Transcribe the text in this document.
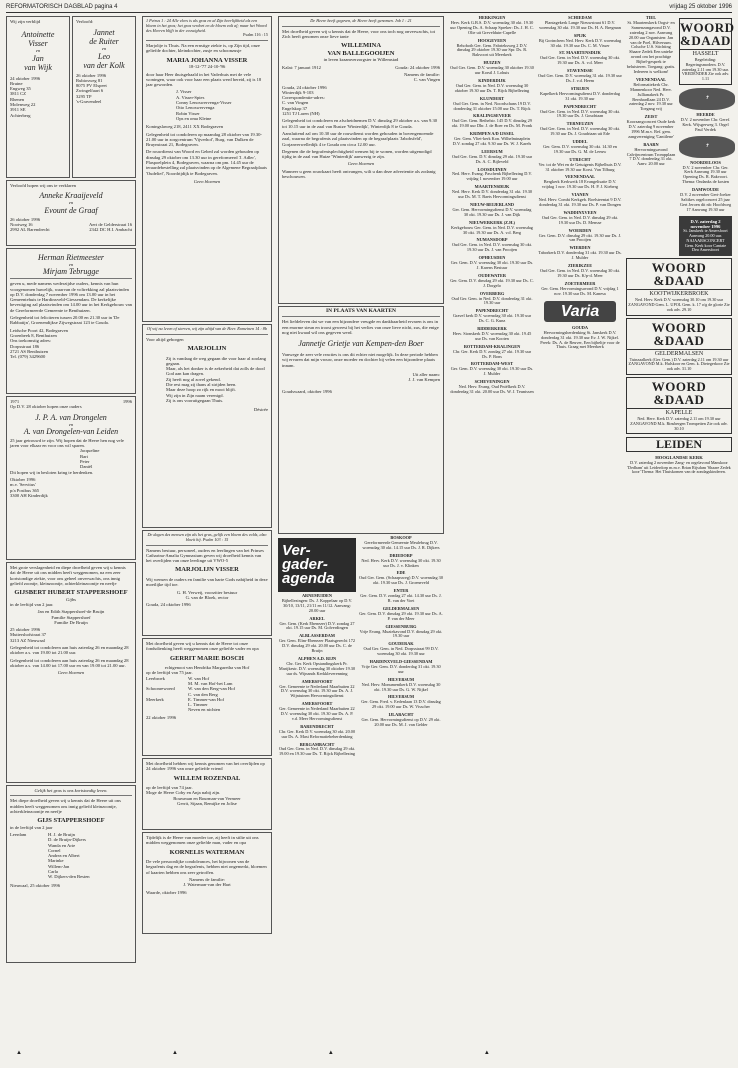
REFORMATORISCH DAGBLAD pagina 4	vrijdag 25 oktober 1996
Wij zijn verblijd
Antoinette
Visser
en
Jan
van Wijk
24 oktober 1996
Bruine
Engweg 35
3811 CZ
Rhenen
Molenweg 22
3911 SE
Achterberg
Verloofd:
Jannet
de Ruiter
en
Leo
van der Kolk
26 oktober 1996
Rubiosweg 81
8075 PV Elspeet
Zwingelfaart 6
3295 TP
's-Gravendeel
Verloofd hopen wij ons te verklaren
Anneke Kraaijeveld
en
Evount de Graaf
26 oktober 1996
Nootweg 16	Aert de Gelderstraat 16
2992 AL Barendrecht	2342 DC H.I. Ambacht
Herman Rietmeester
en
Mirjam Tebrugge
geven u, mede namens wederzijdse ouders, kennis van hun voorgenomen huwelijk, waarvan de voltrekking zal plaatsvinden op D.V. donderdag 7 november 1996 om 13.00 uur in het Gemeentehuis te Hardinxveld-Giessendam. De kerkelijke bevestiging zal plaatsvinden om 14.00 uur in het Kerkgebouw van de Gereformeerde Gemeente te Benthuizen.
Gelegenheid tot feliciteren tussen 20.00 en 21.30 uur in 'De Rabbatijn', Groenendijkse Zijwegstraat 123 te Gouda.
Leidsche Poort 42, Bodegraven
Groenbeek 8, Benthuizen
Ons toekomstig adres:
Dorpsstraat 186
2721 AS Benthuizen
Tel. (079) 3429600
1971	1996
Op D.V. 28 oktober hopen onze ouders
J. P. A. van Drongelen
en
A. van Drongelen-van Leiden
25 jaar getrouwd te zijn. Wij hopen dat de Heere hen nog vele jaren voor elkaar en voor ons wil sparen.
Jacqueline
Bart
Peter
Daniël
Dit hopen wij in besloten kring te herdenken.
Oktober 1996
m.v. 'Servitus'
p/a Postbus 365
3300 AH Kinderdijk
Met grote verslagenheid en diepe droefheid geven wij u kennis dat de Heere uit ons midden heeft weggenomen, na een zeer kortstondige ziekte, voor ons geheel onverwachts, ons innig geliefd zoontje, kleinzoontje, achterkleinzoontje en neefje
GIJSBERT HUBERT STAPPERSHOEF
Gijbs
in de leeftijd van 2 jaar.
Jan en Edith Stappershoef-de Bruijn
Familie Stappershoef
Familie De Bruijn
25 oktober 1996
Muttershofstraat 37
3213 AZ Nieuwaal
Gelegenheid tot condoleren aan huis zaterdag 26 en maandag 28 oktober a.s. van 19.00 tot 21.00 uur.
Gelegenheid tot condoleren aan huis zaterdag 26 en maandag 28 oktober a.s. van 14.00 tot 17.00 uur en van 19.00 tot 21.00 uur.
Geen bloemen
Gelijk het gras is ons kortstondig leven.
Met diepe droefheid geven wij u kennis dat de Heere uit ons midden heeft weggenomen ons innig geliefd kleinzoontje, achterkleinzoontje en neefje
GIJS STAPPERSHOEF
in de leeftijd van 2 jaar
Leerdam	H. J. de Bruijn
D. de Bruijn-Dijkers
Wanda en Arie
Cornel
Andrea en Albert
Marinke
Willem-Jan
Carla
W. Dijkers-den Besten
Nieuwaal, 25 oktober 1996
1 Petrus 1 : 24 Alle vlees is als gras en al Zijn heerlijkheid als een bloem in het gras; het gras verdort en de bloem valt af; maar het Woord des Heeren blijft in der eeuwigheid.
Psalm 116 : 15
Marjoltje is Thuis. Na een ernstige ziekte is, op Zijn tijd, onze geliefde dochter, kleindochter, zusje en schoonzusje
MARIA JOHANNA VISSER
18-12-'77 24-10-'96
door haar Heer thuisgehaald in het Vaderhuis met de vele woningen, waar ook voor haar een plaats werd bereid, zij is 18 jaar geworden.
J. Visser
A. Visser-Spies
Conny Lenoswervenga-Visser
Otto Lenoswervenga
Robin Visser
Ops en oma Kleine
Koningslaweg 218, 2411 XX Bodegraven
Gelegenheid tot condoleren op maandag 28 oktober van 19.30-21.00 uur in zorgcentrum 'Vijverhof', Burg. van Dulken de Bruynstraat 21, Bodegraven.
De rouwdienst van Woord en Gebed zal worden gehouden op dinsdag 29 oktober om 13.30 uur in gereformeerd 'J. Adler', Plaspoelplein 4, Bodegraven, waarna om pm. 14.45 uur de teraardebestelling zal plaatsvinden op de Algemene Begraafplaats 'Oudelief', Noordrijdijk te Bodegraven.
Geen bloemen
Of wij nu leven of sterven, wij zijn altijd van de Heer. Romeinen 14 : 8b
Voor altijd geborgen
MARJOLIJN
Zij is vandaag de weg gegaan die voor haar al zoolang gegaan.
Maar, als het donker is de zekerheid dat zolls de dood God aan kan dragen.
Zij heeft nog al zovel gekend.
Die rest mag zij thans al strijden heen.
Maar deze hoop zo rijk en mooi blijft.
Wij zijn in Zijn naam verenigd.
Zij is ons vooruitgegaan Thuis.
Désirée
De dagen des mensen zijn als het gras, gelijk een bloem des velds, alzo bloeit hij. Psalm 103 : 15
Namens bestuur, personeel, ouders en leerlingen van het Prinses Catharina-Amalia Gymnasium geven wij droefheid kennis van het overlijden van onze leerlinge uit VWO-5
MARJOLIJN VISSER
Wij wensen de ouders en familie van harte Gods nabijheid in deze moeilijke tijd toe.
G. H. Verweij, voorzitter bestuur
G. van de Bloek, rector
Gouda, 24 oktober 1996
Met droefheid geven wij u kennis dat de Heere tot onze fondsdienking heeft weggenomen onze geliefde vader en opa
GERRIT MARIE BOSCH
echtgenoot van Hendrika Margaretha van Hof
op de leeftijd van 75 jaar.
Leerbroek	W. van Hof
M. M. van Hof-het Lam
Schoonrewoerd	W. van den Berg-van Hof
C. van den Berg
Meerkerk	E. Timmer-van Hof
L. Timmer
Neven en nichten
22 oktober 1996
Met droefheid hebben wij kennis genomen van het overlijden op 24 oktober 1996 van onze geliefde vriend
WILLEM ROZENDAL
op de leeftijd van 74 jaar.
Moge de Heere Coby en Anja nabij zijn.
Bouwman en Bourman-van Vermeer
Gerrit, Sijaan, Remijke en Jolise
Tijdelijk is de Heere van moeder toe, zij heeft in stilte uit ons midden weggenomen onze geliefde man, vader en opa
KORNELIS WATERMAN
De vele persoonlijke condoleances, het bijwonen van de begrafenis dag en de begrafenis, hebben niet ongemerkt, bloemen of kaarten hebben ons zeer getroffen.
Namens de familie:
J. Waterman-van der Hart
Waarde, oktober 1996
De Heere heeft gegeven, de Heere heeft genomen. Job 1 : 21
Met droefheid geven wij u kennis dat de Heere, voor ons toch nog onverwachts, tot Zich heeft genomen onze lieve tante
WILLEMINA
VAN BALLEGOOIJEN
in leven kraamverzorgster in Willemstad
Kalat: 7 januari 1912	Gouda: 24 oktober 1996
Namens de familie:
C. van Vingen
Gouda, 24 oktober 1996
Winterdijk 9-103
Correspondentie-adres:
C. van Vingen
Engelskop 37
1251 TJ Laren (NH)
Gelegenheid tot condoleren en afscheidnemen D.V. dinsdag 29 oktober a.s. van 9.30 tot 10.15 uur in de zaal van Rustze 'Winterdijk', Winterdijk 8 te Gouda.
Aansluitend zal om 10.30 uur de rouwdienst worden gehouden in bovengenoemde zaal, waarna de begrafenis zal plaatsvinden op de begraafplaats 'Jabobsfeld', Gorjanverwelledijk 4 te Gouda om circa 12.00 uur.
Degenen die de begrafenisplechtigheid wensen bij te wonen, worden uitgenodigd tijdig in de zaal van Huize 'Winterdijk' aanwezig te zijn.
Geen bloemen
Wanneer u geen rouwkaart heeft ontvangen, wilt u dan deze advertentie als zodanig beschouwen.
IN PLAATS VAN KAARTEN
Het liefdeleven dat we van een bijzondere vreugde en dankbaarheid ervaren is ons in een enorme steun en troost geweest bij het verlies van onze lieve nicht, zus, die enige nog niet kwaad wil ons gegeven werd.
Jannetje Grietje van Kempen-den Boer
Vanwege de zeer vele reacties is ons dit echter niet mogelijk. In deze periode hebben wij ervaren dat mijn vrouw, onze moeder en dochter bij velen een bijzondere plaats innam.
Uit aller naam:
J. J. van Kempen
Goudswaard, oktober 1996
Ver-
gader-
agenda
ARNEMUIDEN
Bijbellezingen: Ds. J. Koppelaar op D.V. 30/10, 13/11, 21/11 en 11/12. Aanvang: 20.00 uur
ARKEL
Ger. Gem. (Kerk Ebenezer) D.V. zondag 27 okt. 19.15 uur Ds. M. Golverdingen
ALBLASSERDAM
Ger. Gem. Elim-Ebenezer Plaatsgerecht 172 D.V. dinsdag 29 okt. 20.00 uur Ds. C. de Bruijn
ALPHEN A.D. RIJN
Chr. Ger. Kerk Opstandingskerk Pr. Marijkestr. D.V. woensdag 30 oktober 19.30 uur ds. Wijnands Kerkkleverenning
AMERSFOORT
Ger. Gemeente te Nederland Maarbuiten 22 D.V. woensdag 30 okt. 19.30 uur Ds. A. J. Wijntuinen Hervormingsdienst
AMERSFOORT
Ger. Gemeente in Nederland Maarbuiten 22 D.V. woensdag 30 okt. 19.30 uur Ds. A. P. v.d. Meer Hervormingsdienst
BARENDRECHT
Chr. Ger. Kerk D.V. woensdag 30 okt. 20.00 uur Ds. A. Mast Reformatiebeherdenking
BERGAMBACHT
Oud Ger. Gem. in Ned. D.V. dinsdag 29 okt. 19.00 en 19.30 uur Ds. T. Rijck Bijbellezing
BOSKOOP
Gereformeerde Gemeente Meulebrug D.V. woensdag 30 okt. 14.15 uur Ds. J. R. Dijkers
DRIEDORP
Ned. Herv. Kerk D.V. woensdag 30 okt. 19.30 uur Ds. J. v. Klinken
EDE
Oud Ger. Gem. (Schaapsweg) D.V. woensdag 30 okt. 19.30 uur Ds. J. Groeneveld
ENTER
Ger. Gem. D.V. zondag 27 okt. 14.30 uur Ds. J. R. van der Voet
GELDERMALSEN
Ger. Gem. D.V. dinsdag 29 okt. 19.30 uur Ds. A. P. van der Meer
GIESSENBURG
Vrije Evang. Muziekavond D.V. dinsdag 29 okt. 19.30 uur
GOUDERAK
Oud Ger. Gem. in Ned. Dorpsstraat 99 D.V. woensdag 30 okt. 19.30 uur
HARDINXVELD-GIESSENDAM
Vrije Ger. Gem. D.V. donderdag 31 okt. 19.30 uur
HILVERSUM
Ned. Herv. Monumentkerk D.V. woensdag 30 okt. 19.30 uur Ds. G. W. Nijkel
HILVERSUM
Ger. Gem. Fred. v. Eedenlaan 13 D.V. dinsdag 29 okt. 19.00 uur Ds. W. Visscher
IJLABACHT
Ger. Gem. Hervormingsdienst op D.V. 29 okt. 20.00 uur Ds. M. J. van Gelder
HERKINGEN
Herv. Kerk G.B.S. D.V. woensdag 30 okt. 19.30 uur Opening Ds. A. Schaap Spreker: Ds. J. H. C. Olie uit Grevelduin-Capelle
HOOGEVEEN
Rehoboth Ger. Gem. Fabrieksweg 2 D.V. dinsdag 29 oktober 19.30 uur Spr. Ds. R. Bakvoort uit Meerkerk
HUIZEN
Oud Ger. Gem. D.V. woensdag 30 oktober 19.30 uur Korstl J. Lohuis
KINDERDIJK
Oud Ger. Gem. in Ned. D.V. woensdag 30 oktober 19.30 uur Ds. T. Rijck Bijbellezing
KLUNDERT
Oud Ger. Gem. in Ned. Noordschans 19 D.V. donderdag 31 oktober 15.00 uur Ds. T. Rijck
KRALINGSEVEER
Oud Ger. Gem. Bethelstr. 145 D.V. dinsdag 29 okt. 19.00 uur Dhr. J. de Boer en Ds. M. Pronk
KRIMPEN A/D IJSSEL
Ger. Gem. Vliet-kerk Kon. Wilhelminaplein D.V. zondag 27 okt. 9.30 uur Ds. W. J. Karels
LEERSUM
Oud Ger. Gem. D.V. dinsdag 29 okt. 19.30 uur Ds. A. C. Bijleveld
LOOSDUINEN
Ned. Herv. Evang. Paschenk Bijbellezing D.V. vrijdag 1 november 19.00 uur
MAARTENSDIJK
Ned. Herv. Kerk D.V. donderdag 31 okt. 19.30 uur Ds. M. T. Baets Hervormingsdienst
NIEUW-BEIJERLAND
Ger. Gem. Hervormingsdienst D.V. woensdag 30 okt. 19.30 uur Ds. J. van Dijk
NIEUWERKERK (Z.H.)
Kerkgebouw Ger. Gem. in Ned. D.V. woensdag 30 okt. 19.30 uur Ds. A. v.d. Berg
NUMANSDORP
Oud Ger. Gem. in Ned. D.V. woensdag 30 okt. 19.30 uur Ds. J. van Prooijen
OPHEUSDEN
Ger. Gem. D.V. woensdag 30 okt. 19.30 uur Ds. J. Karens Bestuur
OUDEWATER
Ger. Gem. D.V. dinsdag 29 okt. 19.30 uur Ds. C. J. Dorgelo
OVERBERG
Oud Ger. Gem. in Ned. D.V. donderdag 31 okt. 19.30 uur
PAPENDRECHT
Gravel kerk D.V. woensdag 30 okt. 19.30 uur Ds. C. G. Kunz
RIDDERKERK
Herv. Sionskerk D.V. woensdag 30 okt. 19.45 uur Ds. van Kooten
ROTTERDAM-KRALINGEN
Chr. Ger. Kerk D.V. zondag 27 okt. 19.30 uur Ds. P. Bons
ROTTERDAM-WEST
Ger. Gem. D.V. woensdag 30 okt. 19.30 uur Ds. J. Mulder
SCHEVENINGEN
Ned. Herv. Evang. Oud Pniëlkerk D.V. donderdag 31 okt. 20.00 uur Ds. W. J. Teunissen
SCHIEDAM
Plantagekerk Lange Nieuwstraat 61 D.V. woensdag 30 okt. 19.30 uur Ds. H. A. Bregman
SPIJK
Bij Gorinchem Ned. Herv. Kerk D.V. woensdag 30 okt. 19.30 uur Ds. C. M. Visser
ST. MAARTENSDIJK
Oud Ger. Gem. in Ned. D.V. woensdag 30 okt. 19.30 uur Ds. A. v.d. Meer
STAVENISSE
Oud Ger. Gem. D.V. woensdag 31 okt. 19.30 uur Ds. J. v.d. Heem
STRIJEN
Kapelkerk Hervormingsdienst D.V. donderdag 31 okt. 19.30 uur
PAPENDRECHT
Oud Ger. Gem. in Ned. D.V. woensdag 30 okt. 19.30 uur Ds. J. Goudriaan
TERNEUZEN
Oud Ger. Gem. in Ned. D.V. woensdag 30 okt. 19.30 uur Ds. J. Goudriaan uit Ede
UDDEL
Ger. Gem. D.V. woensdag 30 okt. 14.30 en 19.30 uur Ds. G. M. de Leeuw
UTRECHT
Ver. tot de Wet en de Getuigenis Bijbelhuis D.V. 31 oktober 19.30 uur Korst. Van Tilburg
VEENENDAAL
Bergkerk Kerkweik 18 Evangelisatie D.V. vrijdag 1 nov. 19.30 uur Ds. H. P. J. Kieberg
VIANEN
Ned. Herv. Combi Kerkgeb. Boelsteentat 9 D.V. donderdag 31 okt. 19.30 uur Ds. P. van Dongen
WADDINXVEEN
Oud Ger. Gem. in Ned. D.V. dinsdag 29 okt. 19.30 uur Ds. D. Mensse
WOERDEN
Ger. Gem. D.V. dinsdag 29 okt. 19.30 uur Ds. J. van Prooijen
WIERDEN
Taborkerk D.V. donderdag 31 okt. 19.30 uur Ds. J. Mulder
ZIERIKZEE
Oud Ger. Gem. in Ned. D.V. woensdag 30 okt. 19.30 uur Ds. K/p-d. Meer
ZOETERMEER
Ger. Gem. Hervormingsavond D.V. vrijdag 1 nov. 19.30 uur Ds. M. Kanesa
Varia
GOUDA
Hervormingsherdenking St. Janskerk D.V. donderdag 31 okt. 19.30 uur Ev. J. W. Nijkel. Preek: Ds. A. de Reuver, Een bijbeltje voor de Thuis. Graag met Meerkerk
TIEL
St. Maartenskerk Oogst- en Samenzangavond D.V. zaterdag 2 nov. Aanvang 20.00 uur Organisten: Jan van de Poel, Hilversum. Coluche U.S. Stichting Shaare Zedek Een unieke avond om het prachtige Bijbel-gesprek te beluisteren. Toegang: gratis. Iedereen is welkom!
VEENENDAAL
Reformatiekerk Chr. Mannenkoor Ned. Herv. Jullianakerk Pr. Bernhardlaan 24 D.V. zaterdag 2 nov. 19.30 uur Toegang vrij
ZEIST
Koorzangconcert Oude kerk D.V. zaterdag 9 november 1996 M.m.v. Ref. gem. zangvereniging 'Cantilene'
BAARN
Hervormingsavond Calvijncentrum Trompplaan 7 D.V. donderdag 31 okt. Aanv. 20.00 uur
WOORD
&DAAD
HASSELT
Begeleiding: Regeringsmodern. D.V. zaterdag 2.11 om 19.30 uur. VREDENDER Zie ook adv. 1.11
✝
HEERDE
D.V. 2 november Chr. Geref. Kerk. Wijsgerweg 3. Orgel Paul Verdek
✝
NOORDELOOS
D.V. 2 november Chr. Ger. Kerk Aanvang 19.30 uur Opening Ds. R. Bakvoort. Thema: Ondanks de kosten
DAMWOUDE
D.V. 2 november Gert-Joeker Saltikes orgelconcert 25 jaar Gert Jeroen dit nb: Hoofdweg 17 Aanvang 19.30 uur
D.V. zaterdag 2 november 1996
St. Janskerk te Amersfoort Aanvang 20.00 uur. NAJAARSCONCERT Gem. Kerk koor Cantate Deo Amersfoort
WOORD
&DAAD
KOOTWIJKERBROEK
Ned. Herv. Kerk D.V. woensdag 30.10 om 19.30 uur ZANGAVOND Gem. L. UPOL Gem. k. 17 o/g de glorie Zie ook adv. 29.10
WOORD
&DAAD
GELDERMALSEN
Tuinzaalkerk (Ger. Gem.) D.V. zaterdag 2.11 om 19.30 uur ZANGAVOND M.k. Hulskoor en Gem. k. Dietegerkoor Zie ook adv. 31.10
WOORD
&DAAD
KAPELLE
Ned. Herv. Kerk D.V. zaterdag 2.11 om 19.30 uur ZANGAVOND M.k. Rinsbergen Trompetten Zie ook adv. 30.10
LEIDEN
HOOGLANDSE KERK
D.V. zaterdag 2 november Zang- en orgelavond Manskoor 'Dedham' uit Leiderdorp m.m.v. Brian Rijsdam 'Shaare Zedek koor' Thema: Het Thuiskomen van de zondagskinderen.
▲	▲	▲	▲
